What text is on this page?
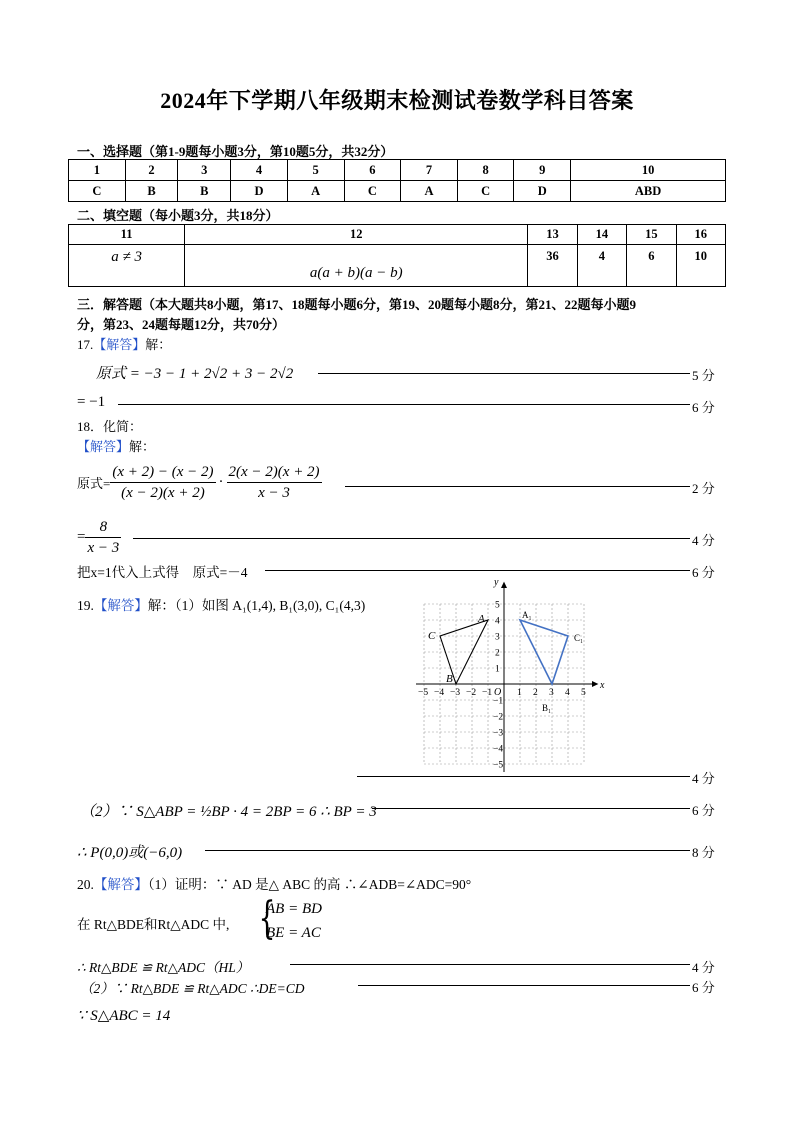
2024年下学期八年级期末检测试卷数学科目答案
一、选择题（第1-9题每小题3分，第10题5分，共32分）
1	2	3	4	5	6	7	8	9	10
C	B	B	D	A	C	A	C	D	ABD
二、填空题（每小题3分，共18分）
11	12	13	14	15	16
a ≠ 3	a(a + b)(a − b)	36	4	6	10
三．解答题（本大题共8小题，第17、18题每小题6分，第19、20题每小题8分，第21、22题每小题9
分，第23、24题每题12分，共70分）
17.【解答】解：
原式 = −3 − 1 + 2√2 + 3 − 2√2	5 分
= −1	6 分
18．化简：
【解答】解：
原式= $\frac{(x + 2) - (x - 2)}{(x - 2)(x + 2)} \cdot \frac{2(x - 2)(x + 2)}{x - 3}$	2 分
= $\frac{8}{x - 3}$	4 分
把x=1代入上式得　原式=－4	6 分
19.【解答】解：（1）如图 A₁(1,4), B₁(3,0), C₁(4,3)
x
y
O
−5 −4 −3 −2 −1	1 2 3 4 5
5
4
3
2
1
−1
−2
−3
−4
−5
A
B
C
A₁
C₁
B₁
4 分
（2）∵ S△ABP = ½BP · 4 = 2BP = 6 ∴ BP = 3	6 分
∴ P(0,0)或(−6,0)	8 分
20.【解答】（1）证明：∵ AD 是△ ABC 的高 ∴∠ADB=∠ADC=90°
在 Rt△BDE和Rt△ADC 中, {
AB = BD
BE = AC
∴ Rt△BDE ≌ Rt△ADC（HL）	4 分
（2）∵ Rt△BDE ≌ Rt△ADC ∴DE=CD	6 分
∵ S△ABC = 14
